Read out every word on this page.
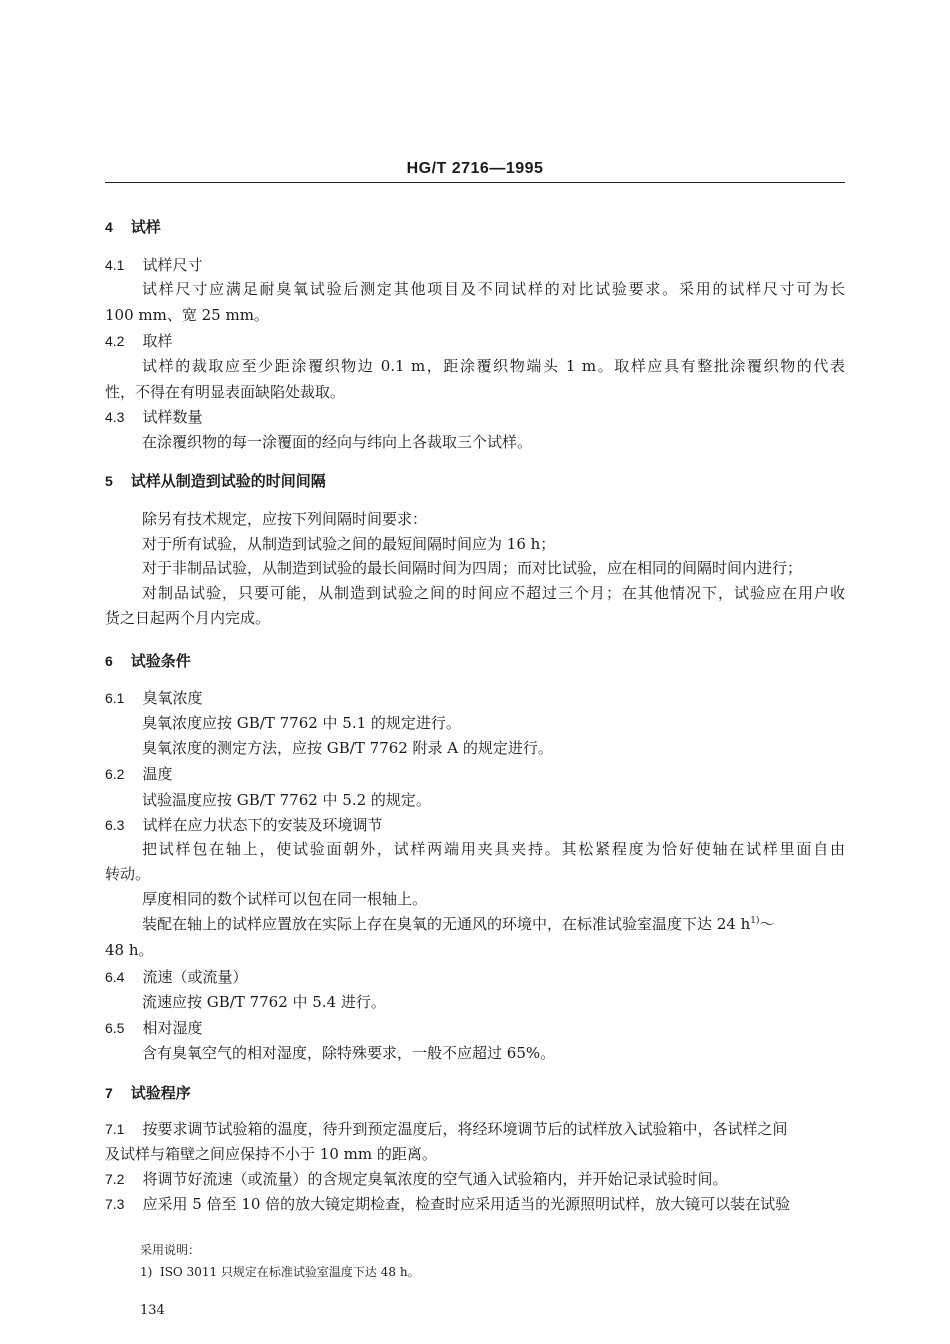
HG/T 2716—1995
4 试样
4.1 试样尺寸
试样尺寸应满足耐臭氧试验后测定其他项目及不同试样的对比试验要求。采用的试样尺寸可为长
100 mm、宽 25 mm。
4.2 取样
试样的裁取应至少距涂覆织物边 0.1 m，距涂覆织物端头 1 m。取样应具有整批涂覆织物的代表
性，不得在有明显表面缺陷处裁取。
4.3 试样数量
在涂覆织物的每一涂覆面的经向与纬向上各裁取三个试样。
5 试样从制造到试验的时间间隔
除另有技术规定，应按下列间隔时间要求：
对于所有试验，从制造到试验之间的最短间隔时间应为 16 h；
对于非制品试验，从制造到试验的最长间隔时间为四周；而对比试验，应在相同的间隔时间内进行；
对制品试验，只要可能，从制造到试验之间的时间应不超过三个月；在其他情况下，试验应在用户收
货之日起两个月内完成。
6 试验条件
6.1 臭氧浓度
臭氧浓度应按 GB/T 7762 中 5.1 的规定进行。
臭氧浓度的测定方法，应按 GB/T 7762 附录 A 的规定进行。
6.2 温度
试验温度应按 GB/T 7762 中 5.2 的规定。
6.3 试样在应力状态下的安装及环境调节
把试样包在轴上，使试验面朝外，试样两端用夹具夹持。其松紧程度为恰好使轴在试样里面自由
转动。
厚度相同的数个试样可以包在同一根轴上。
装配在轴上的试样应置放在实际上存在臭氧的无通风的环境中，在标准试验室温度下达 24 $h^{1)}\sim$
48 h。
6.4 流速（或流量）
流速应按 GB/T 7762 中 5.4 进行。
6.5 相对湿度
含有臭氧空气的相对湿度，除特殊要求，一般不应超过 65%。
7 试验程序
7.1 按要求调节试验箱的温度，待升到预定温度后，将经环境调节后的试样放入试验箱中，各试样之间
及试样与箱壁之间应保持不小于 10 mm 的距离。
7.2 将调节好流速（或流量）的含规定臭氧浓度的空气通入试验箱内，并开始记录试验时间。
7.3 应采用 5 倍至 10 倍的放大镜定期检查，检查时应采用适当的光源照明试样，放大镜可以装在试验
采用说明：
1) ISO 3011 只规定在标准试验室温度下达 48 h。
134
